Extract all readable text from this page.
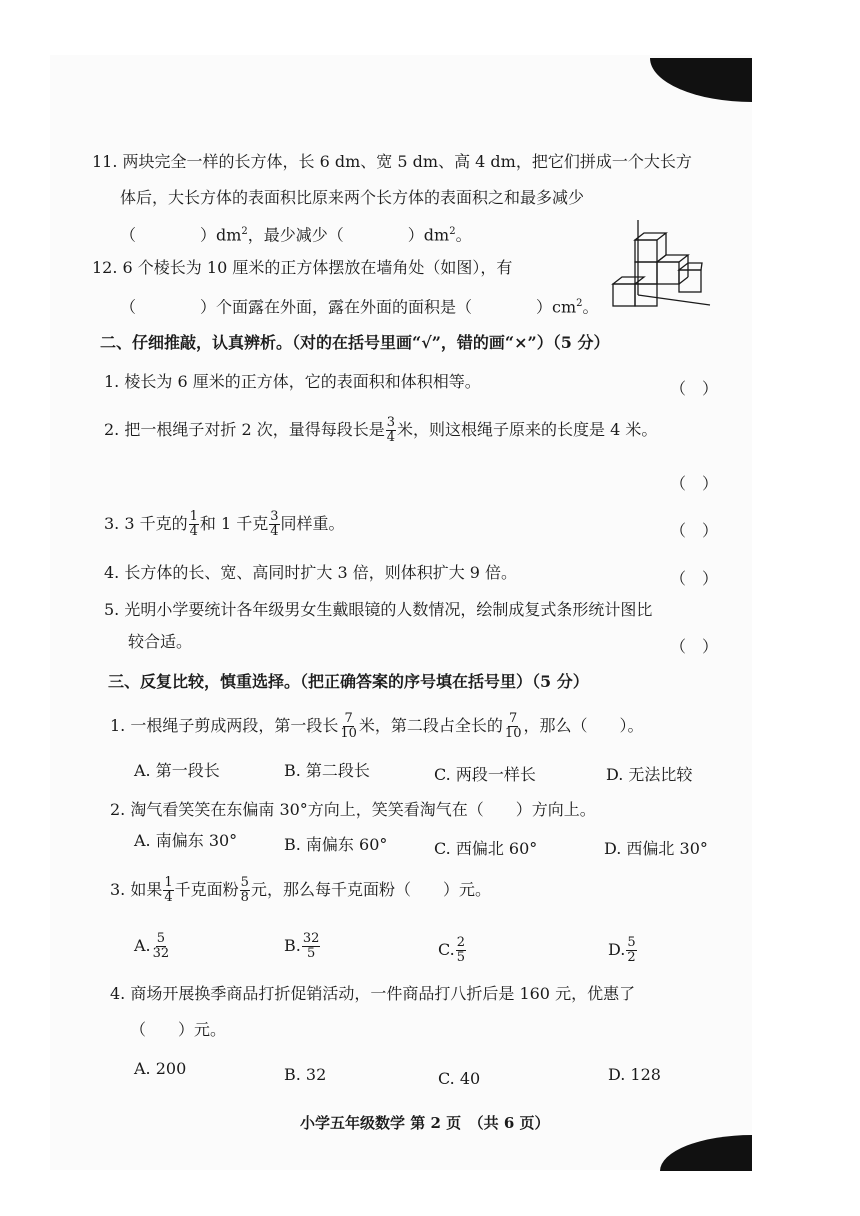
11. 两块完全一样的长方体，长 6 dm、宽 5 dm、高 4 dm，把它们拼成一个大长方
体后，大长方体的表面积比原来两个长方体的表面积之和最多减少
（　　　　）$dm^2$，最少减少（　　　　）$dm^2$。
12. 6 个棱长为 10 厘米的正方体摆放在墙角处（如图），有
（　　　　）个面露在外面，露在外面的面积是（　　　　）$cm^2$。
二、仔细推敲，认真辨析。（对的在括号里画“√”，错的画“×”）（5 分）
1. 棱长为 6 厘米的正方体，它的表面积和体积相等。	（　）
2. 把一根绳子对折 2 次，量得每段长是 $\frac{3}{4}$ 米，则这根绳子原来的长度是 4 米。
（　）
3. 3 千克的 $\frac{1}{4}$ 和 1 千克 $\frac{3}{4}$ 同样重。	（　）
4. 长方体的长、宽、高同时扩大 3 倍，则体积扩大 9 倍。	（　）
5. 光明小学要统计各年级男女生戴眼镜的人数情况，绘制成复式条形统计图比
较合适。	（　）
三、反复比较，慎重选择。（把正确答案的序号填在括号里）（5 分）
1. 一根绳子剪成两段，第一段长 $\frac{7}{10}$ 米，第二段占全长的 $\frac{7}{10}$ ，那么（　　）。
A. 第一段长	B. 第二段长	C. 两段一样长	D. 无法比较
2. 淘气看笑笑在东偏南 30°方向上，笑笑看淘气在（　　）方向上。
A. 南偏东 30°	B. 南偏东 60°	C. 西偏北 60°	D. 西偏北 30°
3. 如果 $\frac{1}{4}$ 千克面粉 $\frac{5}{8}$ 元，那么每千克面粉（　　）元。
A. $\frac{5}{32}$	B. $\frac{32}{5}$	C. $\frac{2}{5}$	D. $\frac{5}{2}$
4. 商场开展换季商品打折促销活动，一件商品打八折后是 160 元，优惠了
（　　）元。
A. 200	B. 32	C. 40	D. 128
小学五年级数学 第 2 页　（共 6 页）
